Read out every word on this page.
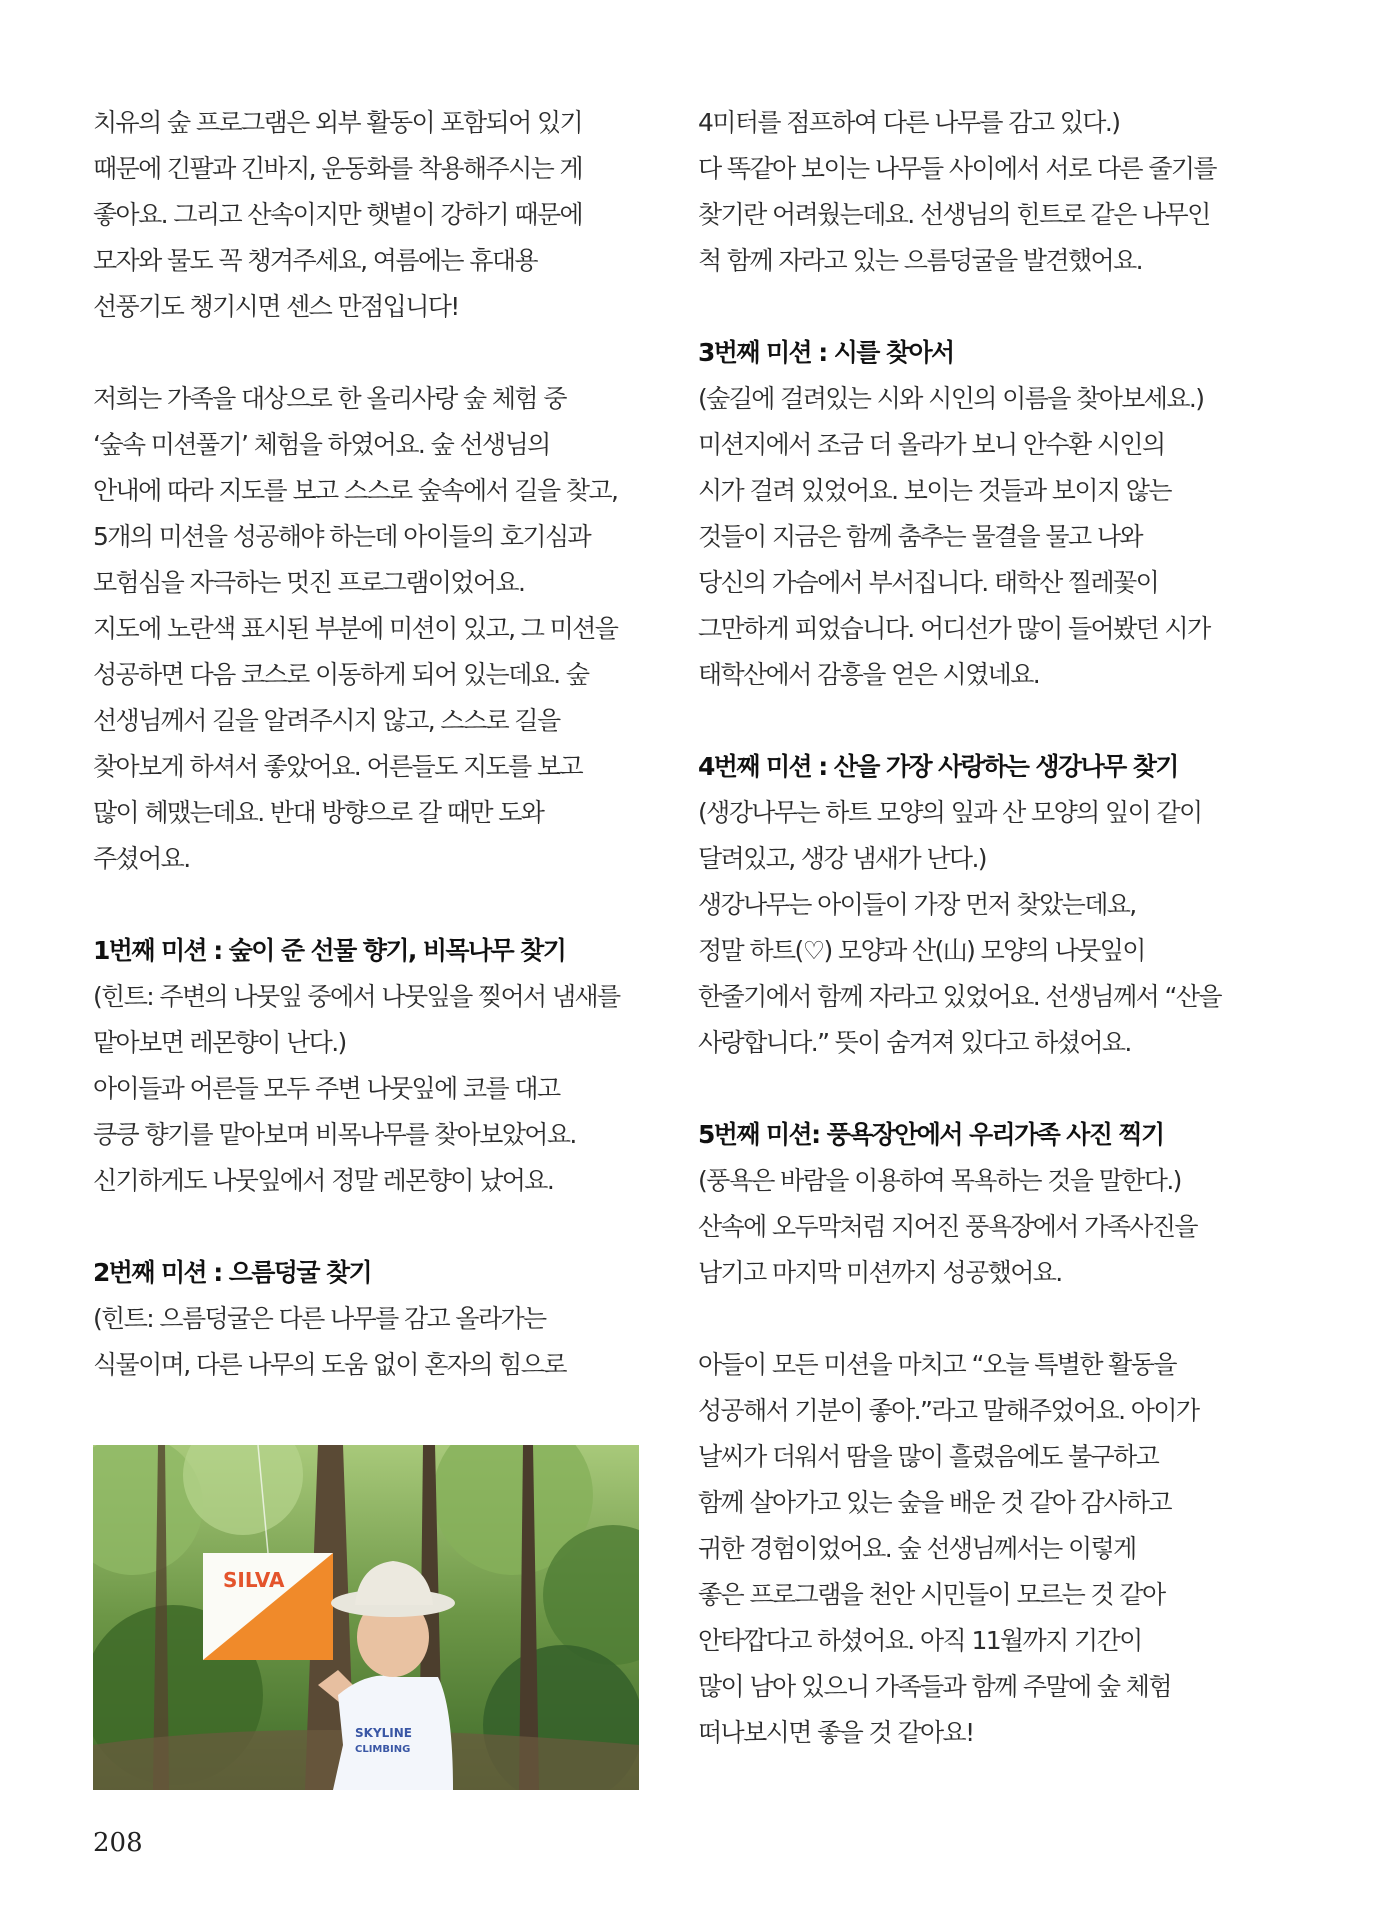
치유의 숲 프로그램은 외부 활동이 포함되어 있기
때문에 긴팔과 긴바지, 운동화를 착용해주시는 게
좋아요. 그리고 산속이지만 햇볕이 강하기 때문에
모자와 물도 꼭 챙겨주세요, 여름에는 휴대용
선풍기도 챙기시면 센스 만점입니다!
저희는 가족을 대상으로 한 올리사랑 숲 체험 중
‘숲속 미션풀기’ 체험을 하였어요. 숲 선생님의
안내에 따라 지도를 보고 스스로 숲속에서 길을 찾고,
5개의 미션을 성공해야 하는데 아이들의 호기심과
모험심을 자극하는 멋진 프로그램이었어요.
지도에 노란색 표시된 부분에 미션이 있고, 그 미션을
성공하면 다음 코스로 이동하게 되어 있는데요. 숲
선생님께서 길을 알려주시지 않고, 스스로 길을
찾아보게 하셔서 좋았어요. 어른들도 지도를 보고
많이 헤맸는데요. 반대 방향으로 갈 때만 도와
주셨어요.
1번째 미션 : 숲이 준 선물 향기, 비목나무 찾기
(힌트: 주변의 나뭇잎 중에서 나뭇잎을 찢어서 냄새를
맡아보면 레몬향이 난다.)
아이들과 어른들 모두 주변 나뭇잎에 코를 대고
킁킁 향기를 맡아보며 비목나무를 찾아보았어요.
신기하게도 나뭇잎에서 정말 레몬향이 났어요.
2번째 미션 : 으름덩굴 찾기
(힌트: 으름덩굴은 다른 나무를 감고 올라가는
식물이며, 다른 나무의 도움 없이 혼자의 힘으로
4미터를 점프하여 다른 나무를 감고 있다.)
다 똑같아 보이는 나무들 사이에서 서로 다른 줄기를
찾기란 어려웠는데요. 선생님의 힌트로 같은 나무인
척 함께 자라고 있는 으름덩굴을 발견했어요.
3번째 미션 : 시를 찾아서
(숲길에 걸려있는 시와 시인의 이름을 찾아보세요.)
미션지에서 조금 더 올라가 보니 안수환 시인의
시가 걸려 있었어요. 보이는 것들과 보이지 않는
것들이 지금은 함께 춤추는 물결을 물고 나와
당신의 가슴에서 부서집니다. 태학산 찔레꽃이
그만하게 피었습니다. 어디선가 많이 들어봤던 시가
태학산에서 감흥을 얻은 시였네요.
4번째 미션 : 산을 가장 사랑하는 생강나무 찾기
(생강나무는 하트 모양의 잎과 산 모양의 잎이 같이
달려있고, 생강 냄새가 난다.)
생강나무는 아이들이 가장 먼저 찾았는데요,
정말 하트(♡) 모양과 산(山) 모양의 나뭇잎이
한줄기에서 함께 자라고 있었어요. 선생님께서 “산을
사랑합니다.” 뜻이 숨겨져 있다고 하셨어요.
5번째 미션: 풍욕장안에서 우리가족 사진 찍기
(풍욕은 바람을 이용하여 목욕하는 것을 말한다.)
산속에 오두막처럼 지어진 풍욕장에서 가족사진을
남기고 마지막 미션까지 성공했어요.
아들이 모든 미션을 마치고 “오늘 특별한 활동을
성공해서 기분이 좋아.”라고 말해주었어요. 아이가
날씨가 더워서 땀을 많이 흘렸음에도 불구하고
함께 살아가고 있는 숲을 배운 것 같아 감사하고
귀한 경험이었어요. 숲 선생님께서는 이렇게
좋은 프로그램을 천안 시민들이 모르는 것 같아
안타깝다고 하셨어요. 아직 11월까지 기간이
많이 남아 있으니 가족들과 함께 주말에 숲 체험
떠나보시면 좋을 것 같아요!
SILVA
SKYLINE
CLIMBING
208
